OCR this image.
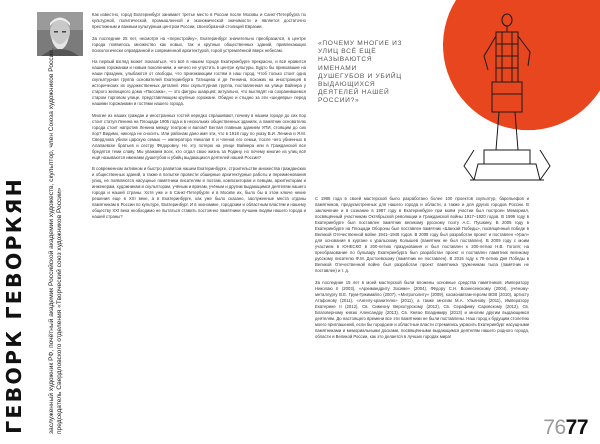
ГЕВОРК ГЕВОРКЯН	заслуженный художник РФ, почётный академик Российской академии художеств, скульптор, член Союза художников России, председатель Свердловского отделения «Творческий союз художников России»

Как известно, город Екатеринбург занимает третье место в России после Москвы и Санкт-Петербурга по культурной, политической, промышленной и экономической значимости и является достаточно престижным и важным культурным центром России, своеобразной столицей Евразии.

За последние 25 лет, несмотря на «перестройку», Екатеринбург значительно преобразился, в центре города появилось множество как новых, так и крупных общественных зданий, привлекающих психологически оправданной и современной архитектурой, горой устремлённой вверх небесам.

На первый взгляд может показаться, что всё в нашем городе Екатеринбурге прекрасно, и всё нравится нашим горожанам и новым поколениям, и ничего не упустить в центре культуры. Будто бы приехавшие на наши праздник, улыбаются от свободы, что приезжающим гостям в наш город. Чтоб только стоит одна скульптурная группа основателей Екатеринбурга Татищева и де Геннина, похожих на иностранцев в исторических их художественных деталей. Или скульптурная группа, поставленная на улице Вайнера у старого жилищного дома «Пассажа», — это фигуры шаарцев; актуально, что выглядят на сохранившемся старом торговом улице, представляющем крупные горожане. Обидно и стыдно за эти «шедевры» перед нашими горожанами и гостями нашего города.

Многие из наших граждан и иностранных гостей нередко спрашивают, почему в нашем городе до сих пор стоит статуя Ленина на Площади 1905 года и в нескольких общественных зданиях, а памятник основателю города стоит напротив Ленина между театром и валом? Беглая главным зданием УПИ, стоящим до сих пор? Видимо, никогда не сносить. Или районам дано имя эти, что в 1918 году по указу В.И. Ленина и Я.М. Свердлова убили царскую семью — императора Николая II и членов его семьи, после чего убиенных в Алапаевске братьев и сестру Фёдоровну. Но эту потерю на улице Вайнера или в Гражданской все бредятся теми славу. Мы уважаем всех, кто отдал свою жизнь за Родину, но почему многие из улиц всё ещё называются именами душегубов и убийц выдающихся деятелей нашей России?

В современном активном и быстро развитом нашем Екатеринбурге, строительстве множества гражданских и общественных зданий, а также в попытке провести обширные архитектурные работы и переименования улиц, не появляются насущные памятники писателям и поэтам, композиторам и певцам, архитекторам и инженерам, художникам и скульпторам, учёным и врачам, учёным и другим выдающимся деятелям нашего города и нашей страны. Хотя уже и в Санкт-Петербурге и в Москве их, было бы в этом ключе некие решения еще в XXI веке, а в Екатеринбурге, как уже было сказано, заслуженные места отданы памятникам в России по культуре, Екатеринбург. И в экономике, городским и областным властям и нашему обществу XXI века необходимо не пытаться ставить постоянно памятники лучшим людям нашего города и нашей страны?

«ПОЧЕМУ МНОГИЕ ИЗ УЛИЦ ВСЁ ЕЩЁ НАЗЫВАЮТСЯ ИМЕНАМИ ДУШЕГУБОВ И УБИЙЦ ВЫДАЮЩИХСЯ ДЕЯТЕЛЕЙ НАШЕЙ РОССИИ?»

С 1985 года в своей мастерской было разработано более 100 проектов скульптур, барельефов и памятников, предусмотренных для нашего города и области, а также и для других городов России. В заключение и в сознание в 1987 году в Екатеринбурге при моём участии был построен Мемориал, посвящённый участникам Октябрьской революции и Гражданской войны 1917–1920 годов. В 1999 году в Екатеринбурге был поставлен памятник великому русскому поэту А.С. Пушкину. В 2005 году в Екатеринбурге на Площади Обороны был поставлен памятник «Шанхай Победы», посвящённый победе в Великой Отечественной войне 1941–1945 годов. В 2008 году был разработан проект и поставлен «Урал» для основания в кургане к уральскому Колышев (памятник не был поставлен). В 2009 году с моим участием в ЮНЕСКО в 200-летию празднования и был поставлен к 200-летию Н.В. Гоголя; на преобразование по бульвару Екатеринбурга был разработан проект и поставлен памятник великому русскому писателю Ф.М. Достоевскому (памятник не поставлен). В 2015 году к 70-летию Дня Победы в Великой Отечественной войне был разработан проект памятника труженикам тыла (памятник не поставлен) и т. д.

За последние 15 лет в моей мастерской были вложены основные средства памятников: Императору Николаю II (2003), «Архимандриту Зосиме» (2004), Фёдору С.Н. Вознесенскому (2004), учёному-металлургу В.Е. Грум-Гржимайло (2007), «Митрополиту» (2009), космонавтам-героям ВОВ (2010), артисту Атафонову (2011), «Ангелу-хранителю» (2011), а также многим М.А. Ульянову (2011), Императору Екатерине II (2012), Св. Симеону Верхотурскому (2012), Св. Серафиму Саровскому (2012), Св. Благоверному князю Александру (2013), Св. Князю Владимиру (2013) и многим другим выдающимся деятелям. До настоящего времени все эти памятники не были поставлены. Наш город к будущим столетию моего приглашений, если бы городские и областные власти стремились украсить Екатеринбург насущными памятниками и мемориальными досками, посвящёнными выдающимся деятелям нашего родного города, области и Великой России, как это делается в лучших городах мира!

7677
